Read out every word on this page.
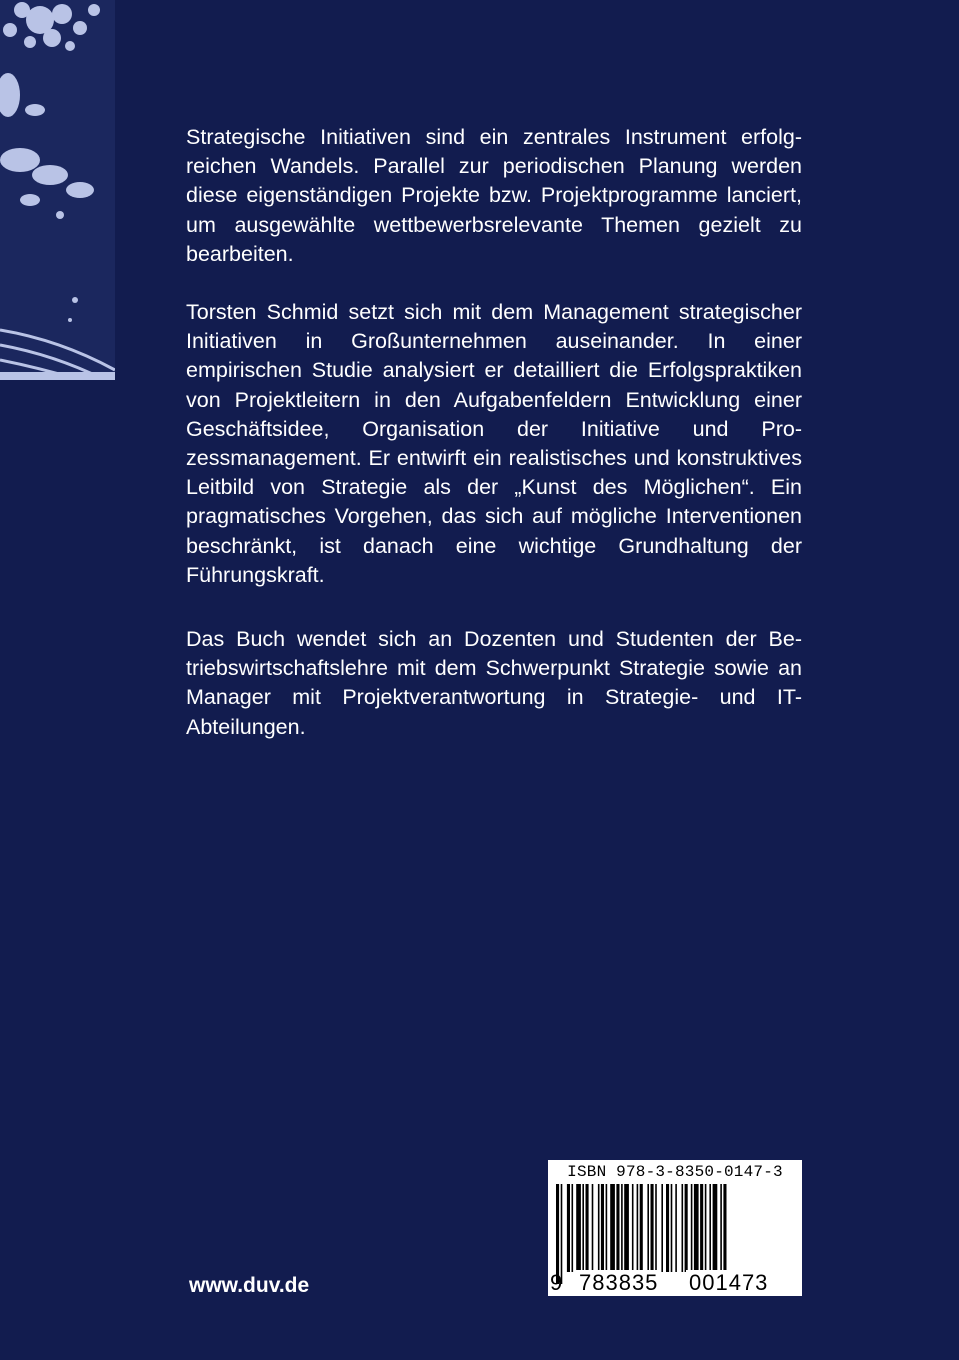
Strategische Initiativen sind ein zentrales Instrument erfolgreichen Wandels. Parallel zur periodischen Planung werden diese eigenständigen Projekte bzw. Projektprogramme lanciert, um ausgewählte wettbewerbsrelevante Themen gezielt zu bearbeiten.
Torsten Schmid setzt sich mit dem Management strategischer Initiativen in Großunternehmen auseinander. In einer empirischen Studie analysiert er detailliert die Erfolgspraktiken von Projektleitern in den Aufgabenfeldern Entwicklung einer Geschäftsidee, Organisation der Initiative und Prozessmanagement. Er entwirft ein realistisches und konstruktives Leitbild von Strategie als der „Kunst des Möglichen“. Ein pragmatisches Vorgehen, das sich auf mögliche Interventionen beschränkt, ist danach eine wichtige Grundhaltung der Führungskraft.
Das Buch wendet sich an Dozenten und Studenten der Betriebswirtschaftslehre mit dem Schwerpunkt Strategie sowie an Manager mit Projektverantwortung in Strategie- und IT-Abteilungen.
www.duv.de
ISBN 978-3-8350-0147-3
9 783835 001473
